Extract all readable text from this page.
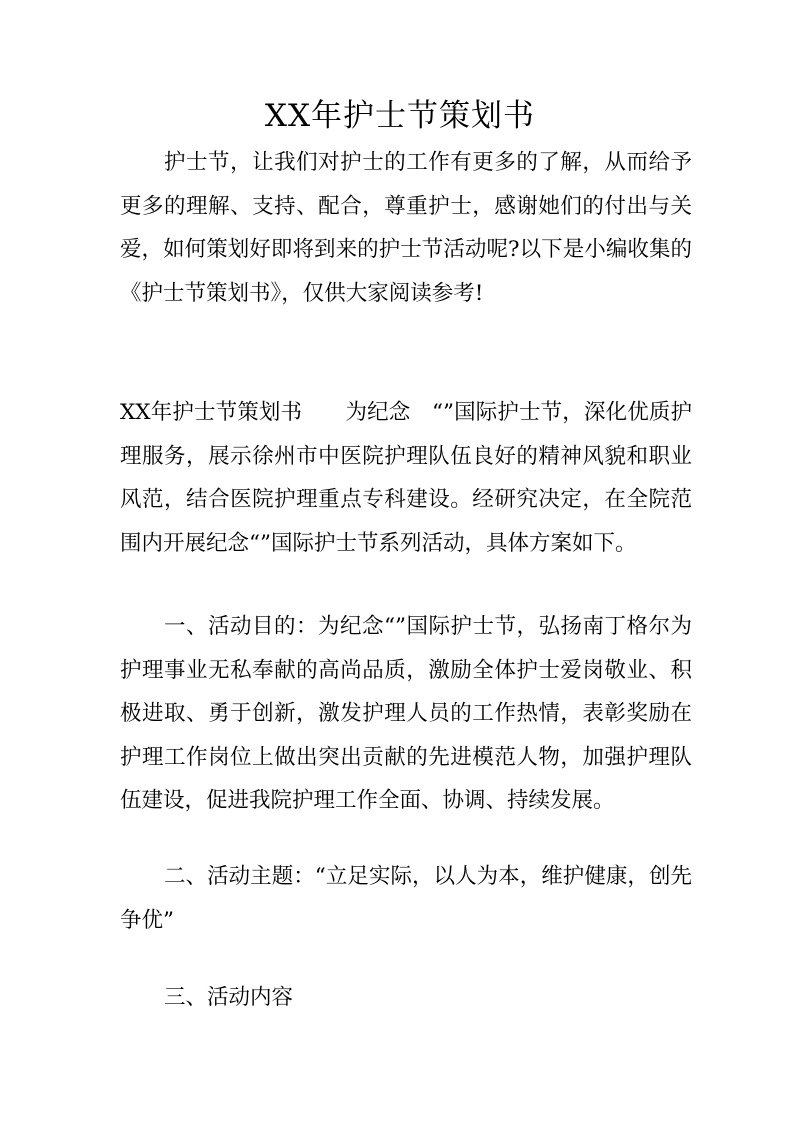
XX年护士节策划书

护士节，让我们对护士的工作有更多的了解，从而给予更多的理解、支持、配合，尊重护士，感谢她们的付出与关爱，如何策划好即将到来的护士节活动呢?以下是小编收集的《护士节策划书》，仅供大家阅读参考!

XX年护士节策划书　　为纪念　“”国际护士节，深化优质护理服务，展示徐州市中医院护理队伍良好的精神风貌和职业风范，结合医院护理重点专科建设。经研究决定，在全院范围内开展纪念“”国际护士节系列活动，具体方案如下。

一、活动目的：为纪念“”国际护士节，弘扬南丁格尔为护理事业无私奉献的高尚品质，激励全体护士爱岗敬业、积极进取、勇于创新，激发护理人员的工作热情，表彰奖励在护理工作岗位上做出突出贡献的先进模范人物，加强护理队伍建设，促进我院护理工作全面、协调、持续发展。

二、活动主题：“立足实际，以人为本，维护健康，创先争优”

三、活动内容
